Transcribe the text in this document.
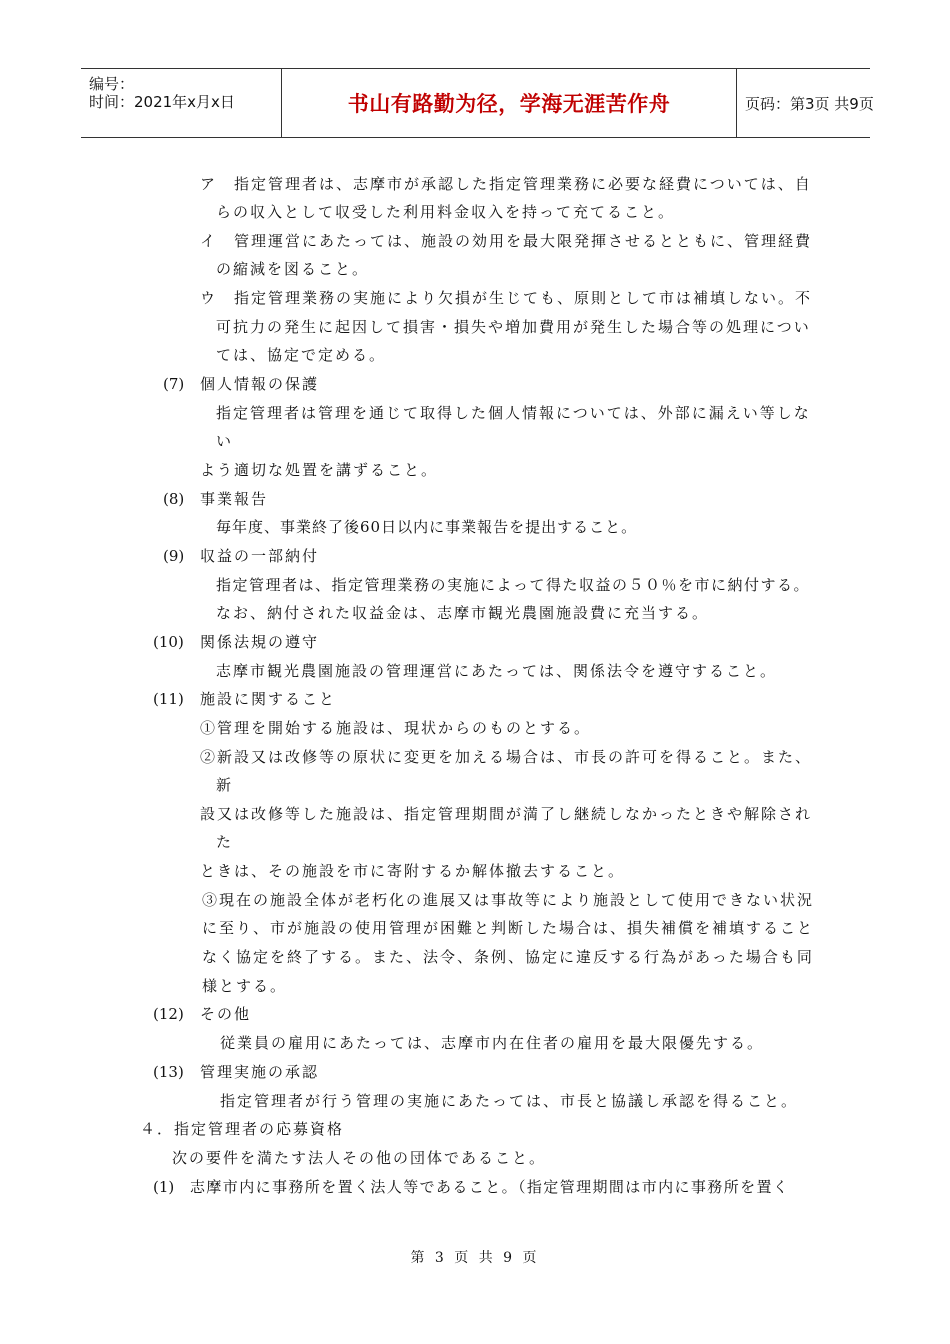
编号：
时间：2021年x月x日	书山有路勤为径，学海无涯苦作舟	页码：第3页 共9页
ア　指定管理者は、志摩市が承認した指定管理業務に必要な経費については、自
らの収入として収受した利用料金収入を持って充てること。
イ　管理運営にあたっては、施設の効用を最大限発揮させるとともに、管理経費
の縮減を図ること。
ウ　指定管理業務の実施により欠損が生じても、原則として市は補填しない。不
可抗力の発生に起因して損害・損失や増加費用が発生した場合等の処理につい
ては、協定で定める。
(7) 個人情報の保護
指定管理者は管理を通じて取得した個人情報については、外部に漏えい等しな
い
よう適切な処置を講ずること。
(8) 事業報告
毎年度、事業終了後60日以内に事業報告を提出すること。
(9) 収益の一部納付
指定管理者は、指定管理業務の実施によって得た収益の５０％を市に納付する。
なお、納付された収益金は、志摩市観光農園施設費に充当する。
(10) 関係法規の遵守
志摩市観光農園施設の管理運営にあたっては、関係法令を遵守すること。
(11) 施設に関すること
①管理を開始する施設は、現状からのものとする。
②新設又は改修等の原状に変更を加える場合は、市長の許可を得ること。また、
新
設又は改修等した施設は、指定管理期間が満了し継続しなかったときや解除され
た
ときは、その施設を市に寄附するか解体撤去すること。
③現在の施設全体が老朽化の進展又は事故等により施設として使用できない状況
に至り、市が施設の使用管理が困難と判断した場合は、損失補償を補填すること
なく協定を終了する。また、法令、条例、協定に違反する行為があった場合も同
様とする。
(12) その他
従業員の雇用にあたっては、志摩市内在住者の雇用を最大限優先する。
(13) 管理実施の承認
指定管理者が行う管理の実施にあたっては、市長と協議し承認を得ること。
４．指定管理者の応募資格
次の要件を満たす法人その他の団体であること。
(1) 志摩市内に事務所を置く法人等であること。（指定管理期間は市内に事務所を置く
第 3 页 共 9 页
